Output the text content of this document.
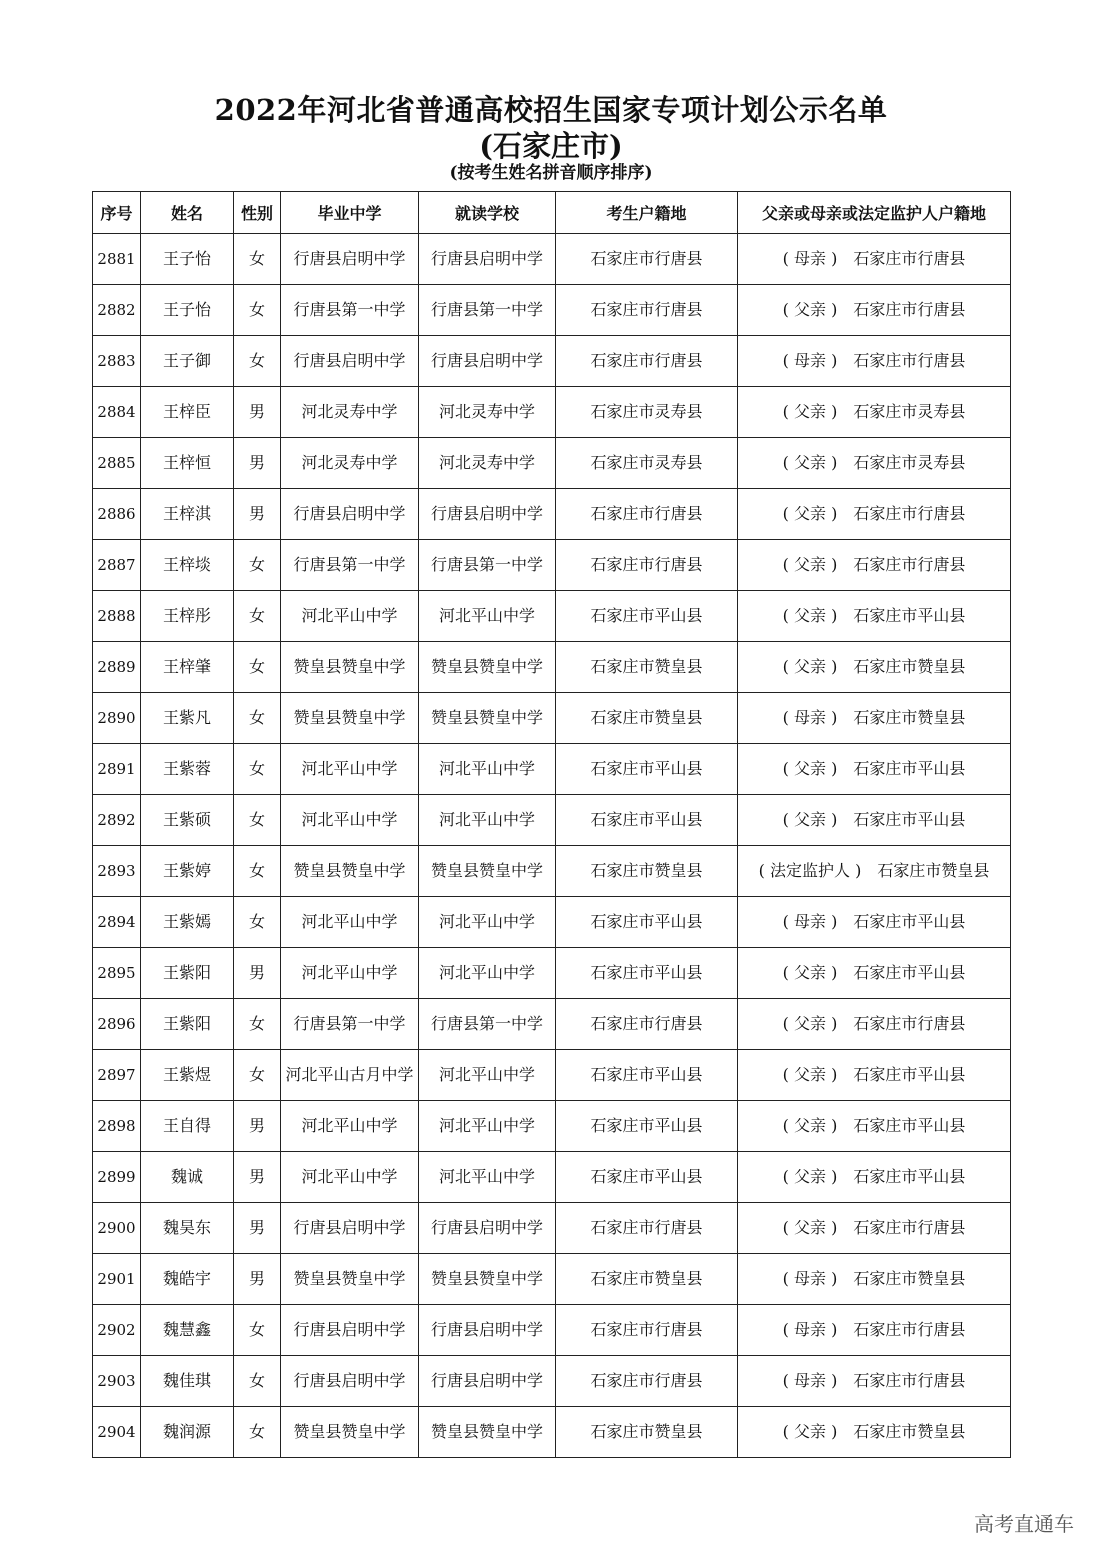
2022年河北省普通高校招生国家专项计划公示名单
(石家庄市)
(按考生姓名拼音顺序排序)
序号	姓名	性别	毕业中学	就读学校	考生户籍地	父亲或母亲或法定监护人户籍地
2881	王子怡	女	行唐县启明中学	行唐县启明中学	石家庄市行唐县	( 母亲 ) 石家庄市行唐县
2882	王子怡	女	行唐县第一中学	行唐县第一中学	石家庄市行唐县	( 父亲 ) 石家庄市行唐县
2883	王子御	女	行唐县启明中学	行唐县启明中学	石家庄市行唐县	( 母亲 ) 石家庄市行唐县
2884	王梓臣	男	河北灵寿中学	河北灵寿中学	石家庄市灵寿县	( 父亲 ) 石家庄市灵寿县
2885	王梓恒	男	河北灵寿中学	河北灵寿中学	石家庄市灵寿县	( 父亲 ) 石家庄市灵寿县
2886	王梓淇	男	行唐县启明中学	行唐县启明中学	石家庄市行唐县	( 父亲 ) 石家庄市行唐县
2887	王梓埮	女	行唐县第一中学	行唐县第一中学	石家庄市行唐县	( 父亲 ) 石家庄市行唐县
2888	王梓彤	女	河北平山中学	河北平山中学	石家庄市平山县	( 父亲 ) 石家庄市平山县
2889	王梓肇	女	赞皇县赞皇中学	赞皇县赞皇中学	石家庄市赞皇县	( 父亲 ) 石家庄市赞皇县
2890	王紫凡	女	赞皇县赞皇中学	赞皇县赞皇中学	石家庄市赞皇县	( 母亲 ) 石家庄市赞皇县
2891	王紫蓉	女	河北平山中学	河北平山中学	石家庄市平山县	( 父亲 ) 石家庄市平山县
2892	王紫硕	女	河北平山中学	河北平山中学	石家庄市平山县	( 父亲 ) 石家庄市平山县
2893	王紫婷	女	赞皇县赞皇中学	赞皇县赞皇中学	石家庄市赞皇县	( 法定监护人 ) 石家庄市赞皇县
2894	王紫嫣	女	河北平山中学	河北平山中学	石家庄市平山县	( 母亲 ) 石家庄市平山县
2895	王紫阳	男	河北平山中学	河北平山中学	石家庄市平山县	( 父亲 ) 石家庄市平山县
2896	王紫阳	女	行唐县第一中学	行唐县第一中学	石家庄市行唐县	( 父亲 ) 石家庄市行唐县
2897	王紫煜	女	河北平山古月中学	河北平山中学	石家庄市平山县	( 父亲 ) 石家庄市平山县
2898	王自得	男	河北平山中学	河北平山中学	石家庄市平山县	( 父亲 ) 石家庄市平山县
2899	魏诚	男	河北平山中学	河北平山中学	石家庄市平山县	( 父亲 ) 石家庄市平山县
2900	魏昊东	男	行唐县启明中学	行唐县启明中学	石家庄市行唐县	( 父亲 ) 石家庄市行唐县
2901	魏皓宇	男	赞皇县赞皇中学	赞皇县赞皇中学	石家庄市赞皇县	( 母亲 ) 石家庄市赞皇县
2902	魏慧鑫	女	行唐县启明中学	行唐县启明中学	石家庄市行唐县	( 母亲 ) 石家庄市行唐县
2903	魏佳琪	女	行唐县启明中学	行唐县启明中学	石家庄市行唐县	( 母亲 ) 石家庄市行唐县
2904	魏润源	女	赞皇县赞皇中学	赞皇县赞皇中学	石家庄市赞皇县	( 父亲 ) 石家庄市赞皇县
高考直通车
